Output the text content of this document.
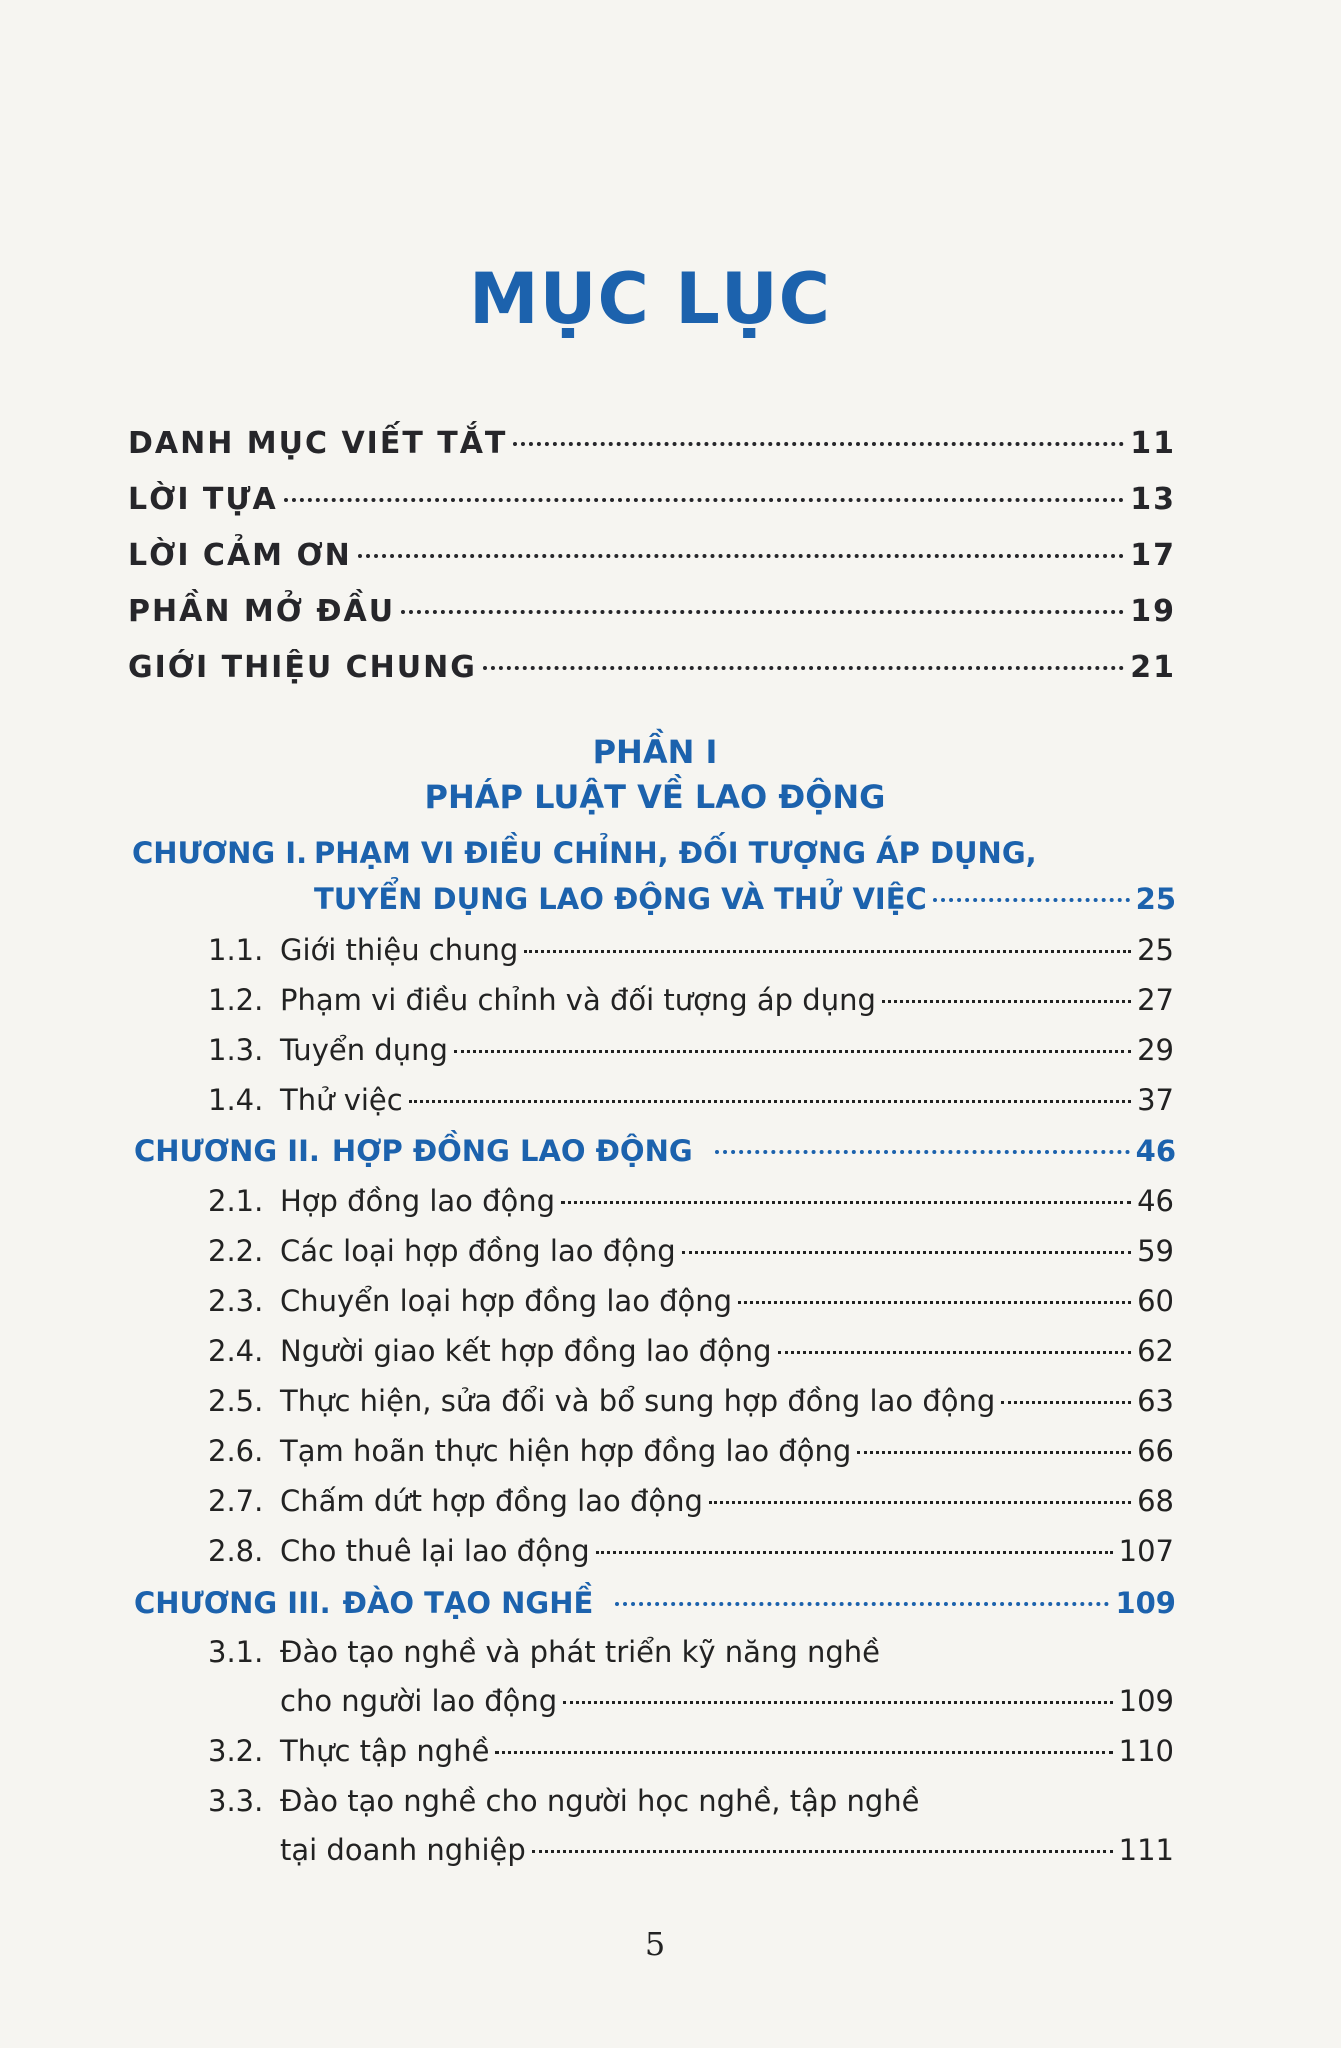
MỤC LỤC
DANH MỤC VIẾT TẮT	11
LỜI TỰA	13
LỜI CẢM ƠN	17
PHẦN MỞ ĐẦU	19
GIỚI THIỆU CHUNG	21
PHẦN I
PHÁP LUẬT VỀ LAO ĐỘNG
CHƯƠNG I. PHẠM VI ĐIỀU CHỈNH, ĐỐI TƯỢNG ÁP DỤNG,
TUYỂN DỤNG LAO ĐỘNG VÀ THỬ VIỆC	25
1.1. Giới thiệu chung	25
1.2. Phạm vi điều chỉnh và đối tượng áp dụng	27
1.3. Tuyển dụng	29
1.4. Thử việc	37
CHƯƠNG II. HỢP ĐỒNG LAO ĐỘNG	46
2.1. Hợp đồng lao động	46
2.2. Các loại hợp đồng lao động	59
2.3. Chuyển loại hợp đồng lao động	60
2.4. Người giao kết hợp đồng lao động	62
2.5. Thực hiện, sửa đổi và bổ sung hợp đồng lao động	63
2.6. Tạm hoãn thực hiện hợp đồng lao động	66
2.7. Chấm dứt hợp đồng lao động	68
2.8. Cho thuê lại lao động	107
CHƯƠNG III. ĐÀO TẠO NGHỀ	109
3.1. Đào tạo nghề và phát triển kỹ năng nghề
cho người lao động	109
3.2. Thực tập nghề	110
3.3. Đào tạo nghề cho người học nghề, tập nghề
tại doanh nghiệp	111
5
